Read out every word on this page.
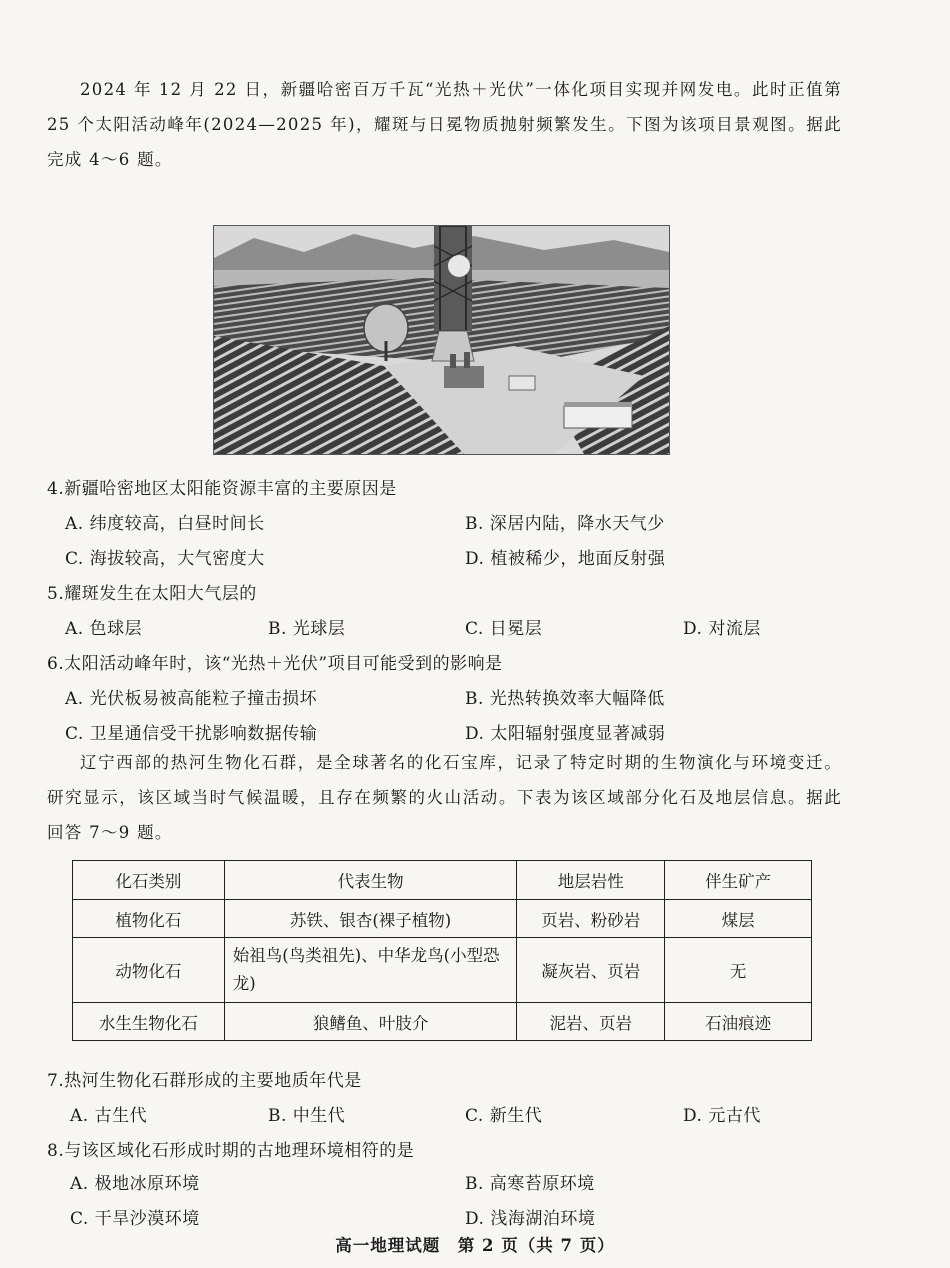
2024 年 12 月 22 日，新疆哈密百万千瓦“光热＋光伏”一体化项目实现并网发电。此时正值第 25 个太阳活动峰年(2024—2025 年)，耀斑与日冕物质抛射频繁发生。下图为该项目景观图。据此完成 4～6 题。
4.新疆哈密地区太阳能资源丰富的主要原因是
A. 纬度较高，白昼时间长	B. 深居内陆，降水天气少
C. 海拔较高，大气密度大	D. 植被稀少，地面反射强
5.耀斑发生在太阳大气层的
A. 色球层	B. 光球层	C. 日冕层	D. 对流层
6.太阳活动峰年时，该“光热＋光伏”项目可能受到的影响是
A. 光伏板易被高能粒子撞击损坏	B. 光热转换效率大幅降低
C. 卫星通信受干扰影响数据传输	D. 太阳辐射强度显著减弱
辽宁西部的热河生物化石群，是全球著名的化石宝库，记录了特定时期的生物演化与环境变迁。研究显示，该区域当时气候温暖，且存在频繁的火山活动。下表为该区域部分化石及地层信息。据此回答 7～9 题。
化石类别	代表生物	地层岩性	伴生矿产
植物化石	苏铁、银杏(裸子植物)	页岩、粉砂岩	煤层
动物化石	始祖鸟(鸟类祖先)、中华龙鸟(小型恐龙)	凝灰岩、页岩	无
水生生物化石	狼鳍鱼、叶肢介	泥岩、页岩	石油痕迹
7.热河生物化石群形成的主要地质年代是
A. 古生代	B. 中生代	C. 新生代	D. 元古代
8.与该区域化石形成时期的古地理环境相符的是
A. 极地冰原环境	B. 高寒苔原环境
C. 干旱沙漠环境	D. 浅海湖泊环境
高一地理试题　第 2 页（共 7 页）
